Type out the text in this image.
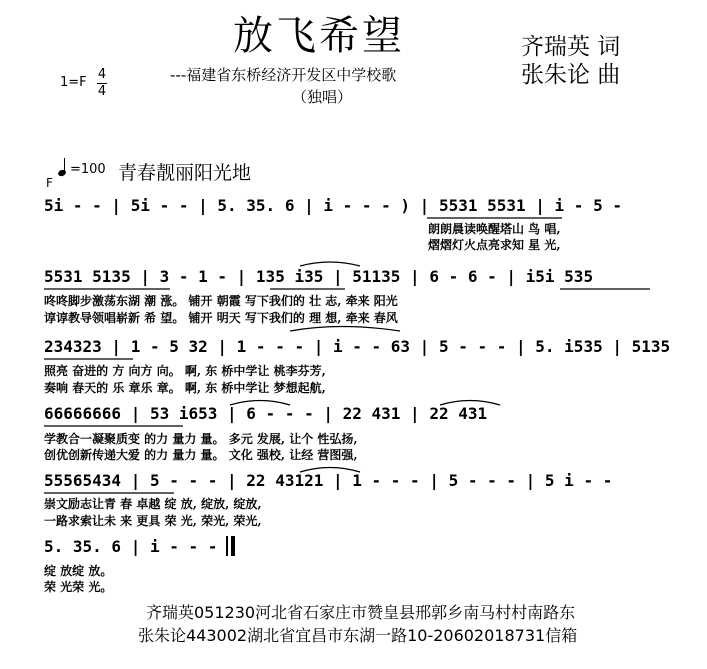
放飞希望
---福建省东桥经济开发区中学校歌
（独唱）
齐瑞英 词
张朱论 曲
1=F
4
4
F
=100 青春靓丽阳光地
5i - - | 5i - - | 5. 35. 6 | i - - - ) | 5531 5531 | i - 5 -
朗朗晨读唤醒塔山 鸟 唱,
熠熠灯火点亮求知 星 光,
5531 5135 | 3 - 1 - | 135 i35 | 51135 | 6 - 6 - | i5i 535
咚咚脚步激荡东湖 潮 涨。 铺开 朝霞 写下我们的 壮 志, 牵来 阳光
谆谆教导领唱崭新 希 望。 铺开 明天 写下我们的 理 想, 牵来 春风
234323 | 1 - 5 32 | 1 - - - | i - - 63 | 5 - - - | 5. i535 | 5135
照亮 奋进的 方 向方 向。 啊, 东 桥中学让 桃李芬芳,
奏响 春天的 乐 章乐 章。 啊, 东 桥中学让 梦想起航,
66666666 | 53 i653 | 6 - - - | 22 431 | 22 431
学教合一凝聚质变 的力 量力 量。 多元 发展, 让个 性弘扬,
创优创新传递大爱 的力 量力 量。 文化 强校, 让经 营图强,
55565434 | 5 - - - | 22 43121 | 1 - - - | 5 - - - | 5 i - -
崇文励志让青 春 卓越 绽 放, 绽放, 绽放,
一路求索让未 来 更具 荣 光, 荣光, 荣光,
5. 35. 6 | i - - -
绽 放绽 放。
荣 光荣 光。
齐瑞英051230河北省石家庄市赞皇县邢郭乡南马村村南路东
张朱论443002湖北省宜昌市东湖一路10-20602018731信箱
